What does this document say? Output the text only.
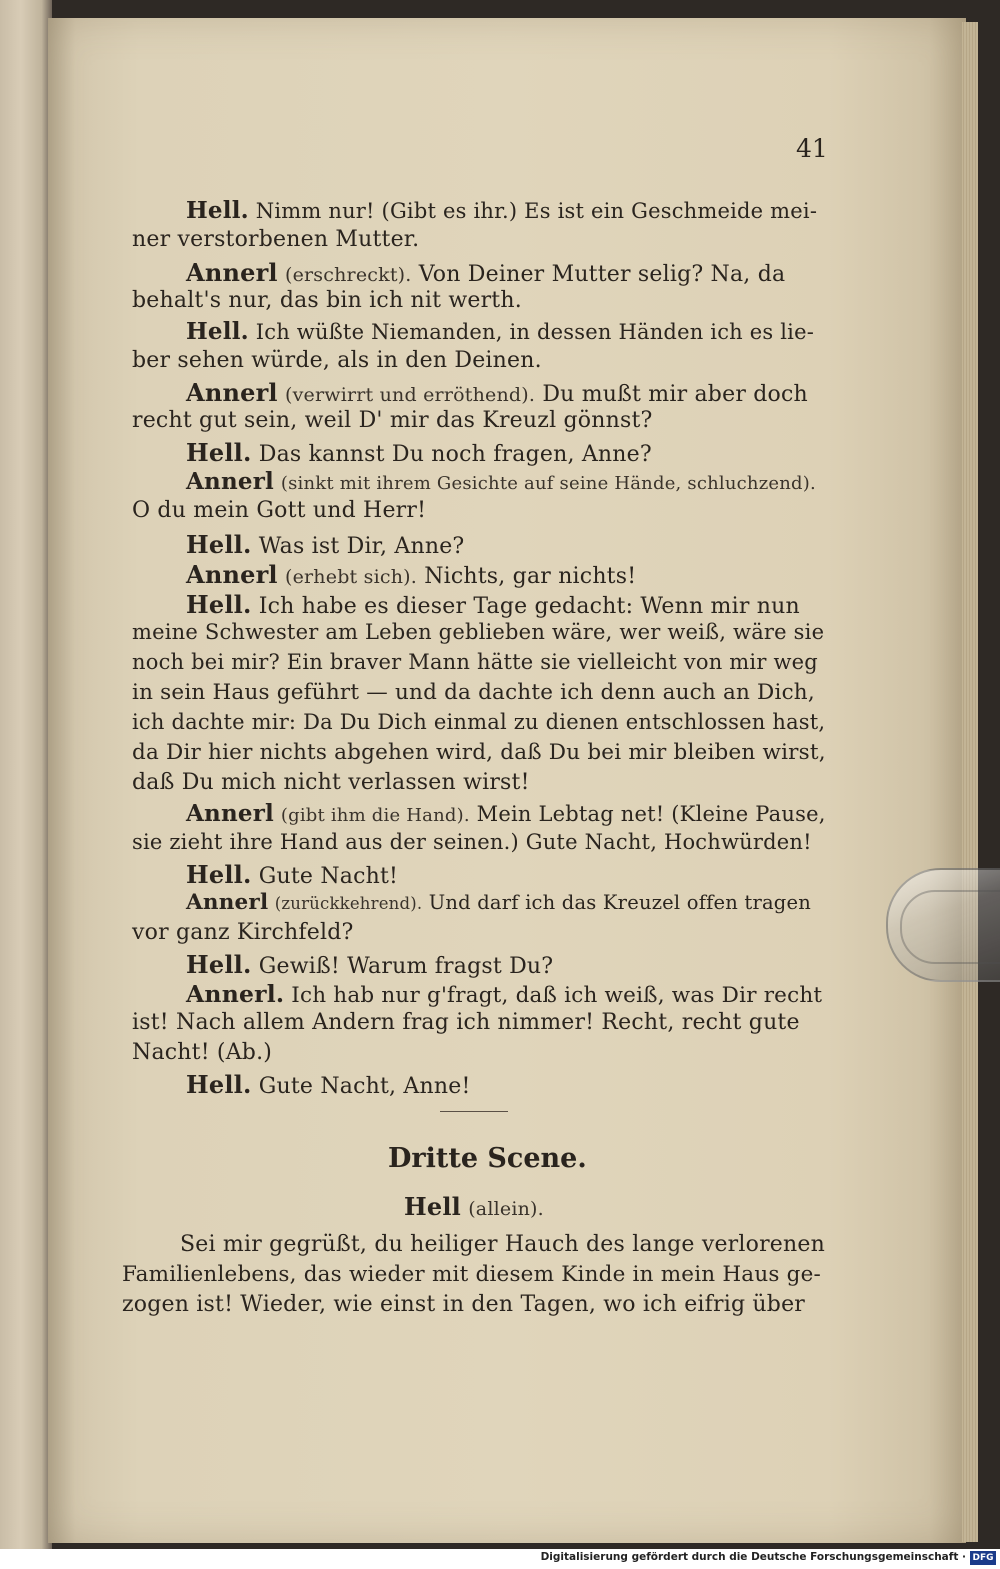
41
Hell. Nimm nur! (Gibt es ihr.) Es ist ein Geschmeide mei-
ner verstorbenen Mutter.
Annerl (erschreckt). Von Deiner Mutter selig? Na, da
behalt's nur, das bin ich nit werth.
Hell. Ich wüßte Niemanden, in dessen Händen ich es lie-
ber sehen würde, als in den Deinen.
Annerl (verwirrt und erröthend). Du mußt mir aber doch
recht gut sein, weil D' mir das Kreuzl gönnst?
Hell. Das kannst Du noch fragen, Anne?
Annerl (sinkt mit ihrem Gesichte auf seine Hände, schluchzend).
O du mein Gott und Herr!
Hell. Was ist Dir, Anne?
Annerl (erhebt sich). Nichts, gar nichts!
Hell. Ich habe es dieser Tage gedacht: Wenn mir nun
meine Schwester am Leben geblieben wäre, wer weiß, wäre sie
noch bei mir? Ein braver Mann hätte sie vielleicht von mir weg
in sein Haus geführt — und da dachte ich denn auch an Dich,
ich dachte mir: Da Du Dich einmal zu dienen entschlossen hast,
da Dir hier nichts abgehen wird, daß Du bei mir bleiben wirst,
daß Du mich nicht verlassen wirst!
Annerl (gibt ihm die Hand). Mein Lebtag net! (Kleine Pause,
sie zieht ihre Hand aus der seinen.) Gute Nacht, Hochwürden!
Hell. Gute Nacht!
Annerl (zurückkehrend). Und darf ich das Kreuzel offen tragen
vor ganz Kirchfeld?
Hell. Gewiß! Warum fragst Du?
Annerl. Ich hab nur g'fragt, daß ich weiß, was Dir recht
ist! Nach allem Andern frag ich nimmer! Recht, recht gute
Nacht! (Ab.)
Hell. Gute Nacht, Anne!
Dritte Scene.
Hell (allein).
Sei mir gegrüßt, du heiliger Hauch des lange verlorenen
Familienlebens, das wieder mit diesem Kinde in mein Haus ge-
zogen ist! Wieder, wie einst in den Tagen, wo ich eifrig über
Digitalisierung gefördert durch die Deutsche Forschungsgemeinschaft · DFG
